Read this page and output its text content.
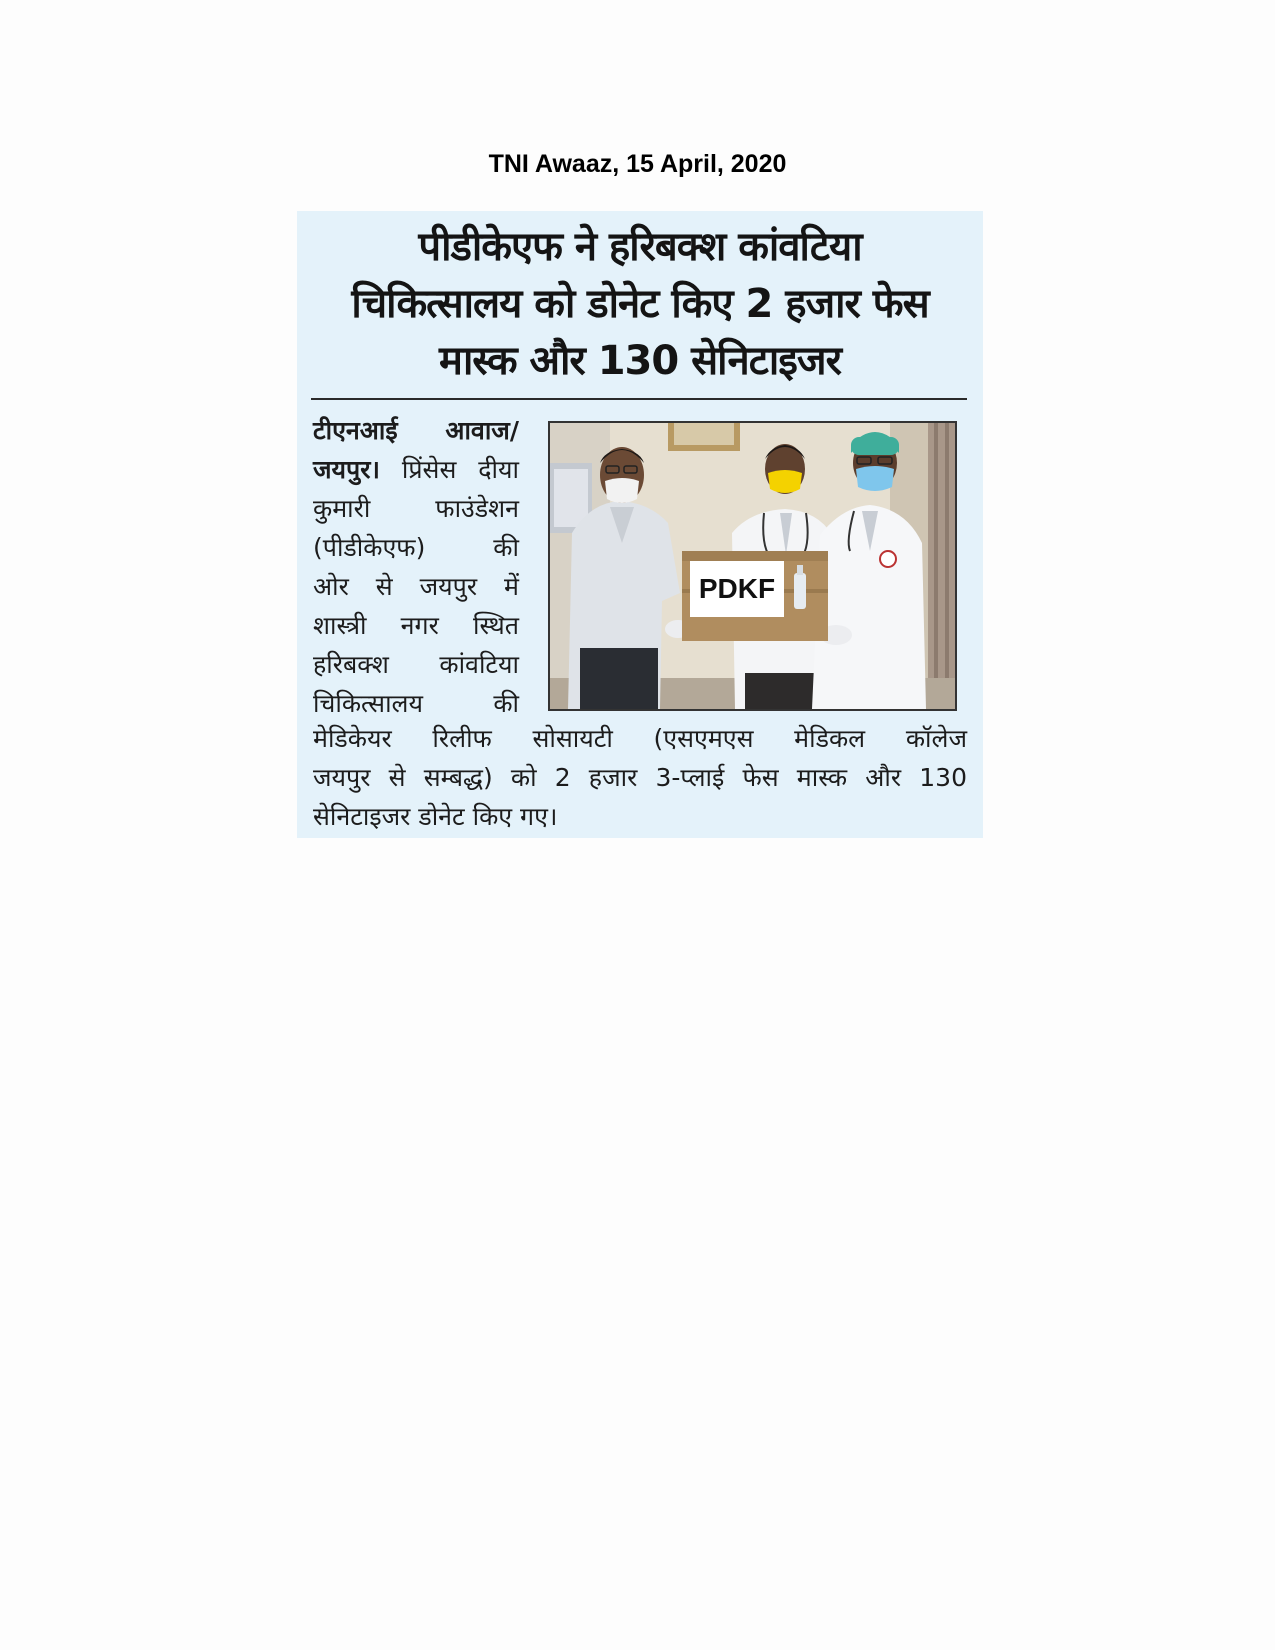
TNI Awaaz, 15 April, 2020
पीडीकेएफ ने हरिबक्श कांवटिया
चिकित्सालय को डोनेट किए 2 हजार फेस
मास्क और 130 सेनिटाइजर
टीएनआई आवाज/
जयपुर। प्रिंसेस दीया
कुमारी फाउंडेशन
(पीडीकेएफ) की
ओर से जयपुर में
शास्त्री नगर स्थित
हरिबक्श कांवटिया
चिकित्सालय की
PDKF
मेडिकेयर रिलीफ सोसायटी (एसएमएस मेडिकल कॉलेज
जयपुर से सम्बद्ध) को 2 हजार 3-प्लाई फेस मास्क और 130
सेनिटाइजर डोनेट किए गए।
